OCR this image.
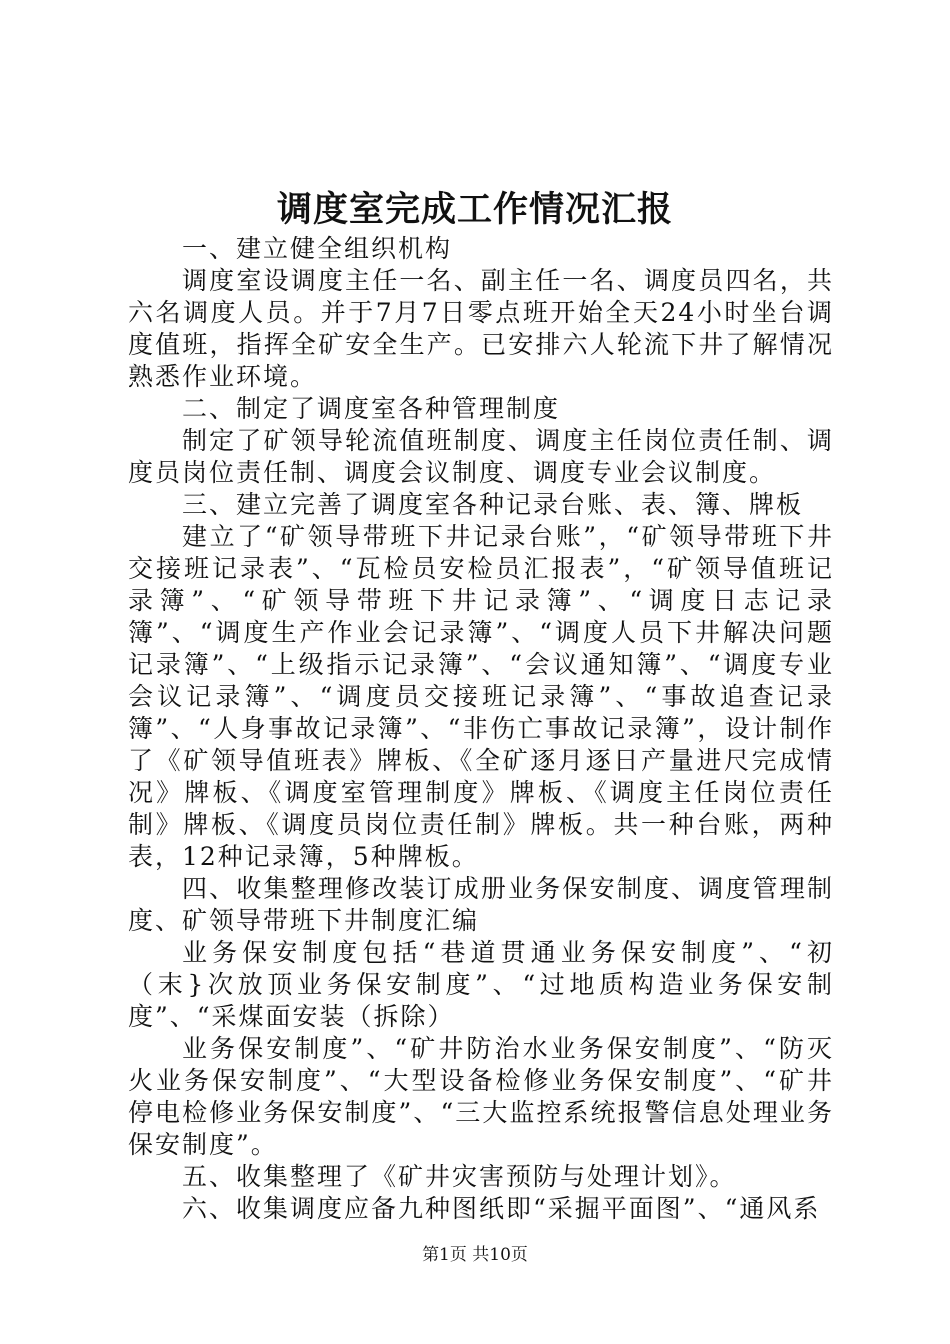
调度室完成工作情况汇报

一、建立健全组织机构

调度室设调度主任一名、副主任一名、调度员四名，共六名调度人员。并于7月7日零点班开始全天24小时坐台调度值班，指挥全矿安全生产。已安排六人轮流下井了解情况熟悉作业环境。

二、制定了调度室各种管理制度

制定了矿领导轮流值班制度、调度主任岗位责任制、调度员岗位责任制、调度会议制度、调度专业会议制度。

三、建立完善了调度室各种记录台账、表、簿、牌板

建立了“矿领导带班下井记录台账”，“矿领导带班下井交接班记录表”、“瓦检员安检员汇报表”，“矿领导值班记录簿”、“矿领导带班下井记录簿”、“调度日志记录簿”、“调度生产作业会记录簿”、“调度人员下井解决问题记录簿”、“上级指示记录簿”、“会议通知簿”、“调度专业会议记录簿”、“调度员交接班记录簿”、“事故追查记录簿”、“人身事故记录簿”、“非伤亡事故记录簿”，设计制作了《矿领导值班表》牌板、《全矿逐月逐日产量进尺完成情况》牌板、《调度室管理制度》牌板、《调度主任岗位责任制》牌板、《调度员岗位责任制》牌板。共一种台账，两种表，12种记录簿，5种牌板。

四、收集整理修改装订成册业务保安制度、调度管理制度、矿领导带班下井制度汇编

业务保安制度包括“巷道贯通业务保安制度”、“初（末}次放顶业务保安制度”、“过地质构造业务保安制度”、“采煤面安装（拆除）

业务保安制度”、“矿井防治水业务保安制度”、“防灭火业务保安制度”、“大型设备检修业务保安制度”、“矿井停电检修业务保安制度”、“三大监控系统报警信息处理业务保安制度”。

五、收集整理了《矿井灾害预防与处理计划》。

六、收集调度应备九种图纸即“采掘平面图”、“通风系

第1页 共10页
